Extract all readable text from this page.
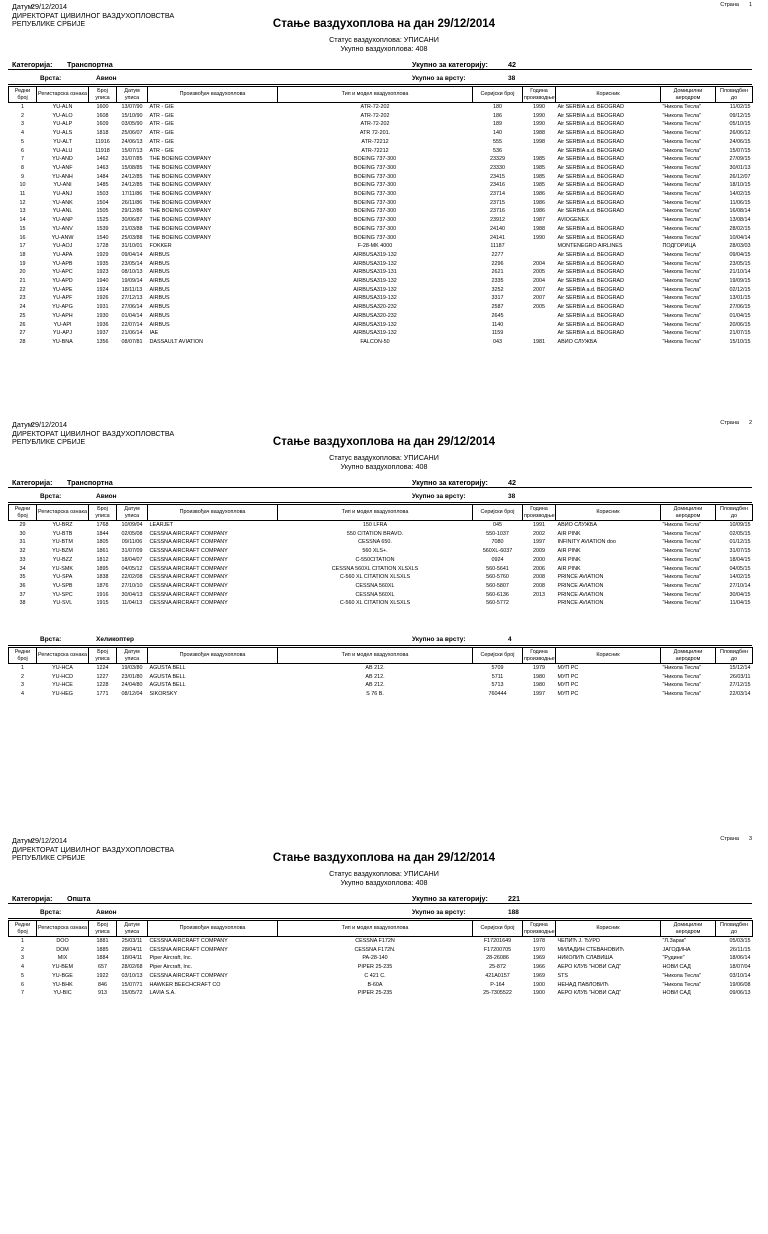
Датум: 29/12/2014
ДИРЕКТОРАТ ЦИВИЛНОГ ВАЗДУХОПЛОВСТВА
РЕПУБЛИКЕ СРБИЈЕ
Страна 1
Стање ваздухоплова на дан 29/12/2014
Статус ваздухоплова: УПИСАНИ
Укупно ваздухоплова: 408
Категорија: Транспортна	Укупно за категорију:	42
Врста:	Авион	Укупно за врсту:	38
Редни број	Регистарска ознака	Број уписа	Датум уписа	Произвођач ваздухоплова	Тип и модел ваздухоплова	Серијски број	Година производње	Корисник	Домицилни аеродром	Пловидбен до
1	YU-ALN	1600	13/07/90	ATR - GIE	ATR-72-202	180	1990	Air SERBIA a.d. BEOGRAD	"Никола Тесла"	11/02/15
2	YU-ALO	1608	15/10/90	ATR - GIE	ATR-72-202	186	1990	Air SERBIA a.d. BEOGRAD	"Никола Тесла"	09/12/15
3	YU-ALP	1609	03/05/90	ATR - GIE	ATR-72-202	189	1990	Air SERBIA a.d. BEOGRAD	"Никола Тесла"	05/10/15
4	YU-ALS	1818	25/06/07	ATR - GIE	ATR 72-201.	140	1988	Air SERBIA a.d. BEOGRAD	"Никола Тесла"	26/06/12
5	YU-ALT	11916	24/06/13	ATR - GIE	ATR-72212	555	1998	Air SERBIA a.d. BEOGRAD	"Никола Тесла"	24/06/15
6	YU-ALU	11918	15/07/13	ATR - GIE	ATR-72212	536		Air SERBIA a.d. BEOGRAD	"Никола Тесла"	15/07/15
7	YU-AND	1462	31/07/85	THE BOEING COMPANY	BOEING 737-300	23329	1985	Air SERBIA a.d. BEOGRAD	"Никола Тесла"	27/09/15
8	YU-ANF	1463	15/08/85	THE BOEING COMPANY	BOEING 737-300	23330	1985	Air SERBIA a.d. BEOGRAD	"Никола Тесла"	30/01/13
9	YU-ANH	1484	24/12/85	THE BOEING COMPANY	BOEING 737-300	23415	1985	Air SERBIA a.d. BEOGRAD	"Никола Тесла"	26/12/07
10	YU-ANI	1485	24/12/85	THE BOEING COMPANY	BOEING 737-300	23416	1985	Air SERBIA a.d. BEOGRAD	"Никола Тесла"	18/10/15
11	YU-ANJ	1503	17/11/86	THE BOEING COMPANY	BOEING 737-300	23714	1986	Air SERBIA a.d. BEOGRAD	"Никола Тесла"	14/02/15
12	YU-ANK	1504	26/11/86	THE BOEING COMPANY	BOEING 737-300	23715	1986	Air SERBIA a.d. BEOGRAD	"Никола Тесла"	11/06/15
13	YU-ANL	1505	29/12/86	THE BOEING COMPANY	BOEING 737-300	23716	1986	Air SERBIA a.d. BEOGRAD	"Никола Тесла"	16/08/14
14	YU-ANP	1525	30/06/87	THE BOEING COMPANY	BOEING 737-300	23912	1987	AVIOGENEX	"Никола Тесла"	13/08/14
15	YU-ANV	1539	21/03/88	THE BOEING COMPANY	BOEING 737-300	24140	1988	Air SERBIA a.d. BEOGRAD	"Никола Тесла"	28/02/15
16	YU-ANW	1540	25/03/88	THE BOEING COMPANY	BOEING 737-300	24141	1990	Air SERBIA a.d. BEOGRAD	"Никола Тесла"	10/04/14
17	YU-AOJ	1728	31/10/01	FOKKER	F-28-MK 4000	11187		MONTENEGRO AIRLINES	ПОДГОРИЦА	28/03/03
18	YU-APA	1929	09/04/14	AIRBUS	AIRBUSA319-132	2277		Air SERBIA a.d. BEOGRAD	"Никола Тесла"	09/04/15
19	YU-APB	1935	23/05/14	AIRBUS	AIRBUSA319-132	2296	2004	Air SERBIA a.d. BEOGRAD	"Никола Тесла"	23/05/15
20	YU-APC	1923	08/10/13	AIRBUS	AIRBUSA319-131	2621	2005	Air SERBIA a.d. BEOGRAD	"Никола Тесла"	21/10/14
21	YU-APD	1940	19/09/14	AIRBUS	AIRBUSA319-132	2335	2004	Air SERBIA a.d. BEOGRAD	"Никола Тесла"	19/09/15
22	YU-APE	1924	18/11/13	AIRBUS	AIRBUSA319-132	3252	2007	Air SERBIA a.d. BEOGRAD	"Никола Тесла"	02/12/15
23	YU-APF	1926	27/12/13	AIRBUS	AIRBUSA319-132	3317	2007	Air SERBIA a.d. BEOGRAD	"Никола Тесла"	13/01/15
24	YU-APG	1931	27/06/14	AIRBUS	AIRBUSA320-232	2587	2005	Air SERBIA a.d. BEOGRAD	"Никола Тесла"	27/06/15
25	YU-APH	1930	01/04/14	AIRBUS	AIRBUSA320-232	2645		Air SERBIA a.d. BEOGRAD	"Никола Тесла"	01/04/15
26	YU-API	1936	22/07/14	AIRBUS	AIRBUSA319-132	1140		Air SERBIA a.d. BEOGRAD	"Никола Тесла"	20/06/15
27	YU-APJ	1937	21/06/14	IAE	AIRBUSA319-132	1159		Air SERBIA a.d. BEOGRAD	"Никола Тесла"	21/07/15
28	YU-BNA	1356	08/07/81	DASSAULT AVIATION	FALCON-50	043	1981	АВИО СЛУЖБА	"Никола Тесла"	15/10/15
Датум: 29/12/2014
ДИРЕКТОРАТ ЦИВИЛНОГ ВАЗДУХОПЛОВСТВА
РЕПУБЛИКЕ СРБИЈЕ
Страна 2
Стање ваздухоплова на дан 29/12/2014
Статус ваздухоплова: УПИСАНИ
Укупно ваздухоплова: 408
Категорија: Транспортна	Укупно за категорију:	42
Врста:	Авион	Укупно за врсту:	38
Редни број	Регистарска ознака	Број уписа	Датум уписа	Произвођач ваздухоплова	Тип и модел ваздухоплова	Серијски број	Година производње	Корисник	Домицилни аеродром	Пловидбен до
29	YU-BRZ	1768	10/09/04	LEARJET	150 LFRA	045	1991	АВИО СЛУЖБА	"Никола Тесла"	10/09/15
30	YU-BTB	1844	02/05/08	CESSNA AIRCRAFT COMPANY	550 CITATION BRAVO.	550-1037	2002	AIR PINK	"Никола Тесла"	02/05/15
31	YU-BTM	1805	09/11/06	CESSNA AIRCRAFT COMPANY	CESSNA 650.	7080	1997	INFINITY AVIATION doo	"Никола Тесла"	01/12/15
32	YU-BZM	1861	31/07/09	CESSNA AIRCRAFT COMPANY	560 XLS+.	560XL-6037	2009	AIR PINK	"Никола Тесла"	31/07/15
33	YU-BZZ	1812	18/04/07	CESSNA AIRCRAFT COMPANY	C-550CITATION	0924	2000	AIR PINK	"Никола Тесла"	18/04/15
34	YU-SMK	1895	04/05/12	CESSNA AIRCRAFT COMPANY	CESSNA 560XL CITATION XLSXLS	560-5641	2006	AIR PINK	"Никола Тесла"	04/05/15
35	YU-SPA	1838	22/02/08	CESSNA AIRCRAFT COMPANY	C-560 XL CITATION XLSXLS	560-5760	2008	PRINCE AVIATION	"Никола Тесла"	14/02/15
36	YU-SPB	1876	27/10/10	CESSNA AIRCRAFT COMPANY	CESSNA 560XL	560-5807	2008	PRINCE AVIATION	"Никола Тесла"	27/10/14
37	YU-SPC	1916	30/04/13	CESSNA AIRCRAFT COMPANY	CESSNA 560XL	560-6136	2013	PRINCE AVIATION	"Никола Тесла"	30/04/15
38	YU-SVL	1915	11/04/13	CESSNA AIRCRAFT COMPANY	C-560 XL CITATION XLSXLS	560-5772		PRINCE AVIATION	"Никола Тесла"	11/04/15
Врста:	Хеликоптер	Укупно за врсту:	4
Редни број	Регистарска ознака	Број уписа	Датум уписа	Произвођач ваздухоплова	Тип и модел ваздухоплова	Серијски број	Година производње	Корисник	Домицилни аеродром	Пловидбен до
1	YU-HCA	1224	19/03/80	AGUSTA BELL	AB 212.	5709	1979	МУП РС	"Никола Тесла"	15/12/14
2	YU-HCD	1227	23/01/80	AGUSTA BELL	AB 212.	5711	1980	МУП РС	"Никола Тесла"	26/03/11
3	YU-HCE	1228	24/04/80	AGUSTA BELL	AB 212.	5713	1980	МУП РС	"Никола Тесла"	27/12/15
4	YU-HEG	1771	08/12/04	SIKORSKY	S 76 B.	760444	1997	МУП РС	"Никола Тесла"	22/03/14
Датум: 29/12/2014
ДИРЕКТОРАТ ЦИВИЛНОГ ВАЗДУХОПЛОВСТВА
РЕПУБЛИКЕ СРБИЈЕ
Страна 3
Стање ваздухоплова на дан 29/12/2014
Статус ваздухоплова: УПИСАНИ
Укупно ваздухоплова: 408
Категорија: Општа	Укупно за категорију:	221
Врста:	Авион	Укупно за врсту:	188
Редни број	Регистарска ознака	Број уписа	Датум уписа	Произвођач ваздухоплова	Тип и модел ваздухоплова	Серијски број	Година производње	Корисник	Домицилни аеродром	Пловидбен до
1	DOO	1881	25/03/11	CESSNA AIRCRAFT COMPANY	CESSNA F172N	F17201649	1978	ЧЕПИЋ J. ЂУРО	"Л.Зарак"	05/03/15
2	DOM	1885	28/04/11	CESSNA AIRCRAFT COMPANY	CESSNA F172N.	F17200705	1970	МИЛАДИН СТЕВАНОВИЋ	ЈАГОДИНА	26/11/15
3	MIX	1884	18/04/11	Piper Aircraft, Inc.	PA-28-140	28-26086	1969	НИКОЛИЋ СЛАВИША	"Рудине"	18/06/14
4	YU-BEM	657	28/02/68	Piper Aircraft, Inc.	PIPER 25-235	25-872	1966	АЕРО КЛУБ "НОВИ САД"	НОВИ САД	18/07/04
5	YU-BGE	1922	03/10/13	CESSNA AIRCRAFT COMPANY	C 421 C.	421A0157	1969	STS	"Никола Тесла"	03/10/14
6	YU-BHK	846	15/07/71	HAWKER BEECHCRAFT CO	B-60A	P-164	1900	НЕНАД ПАВЛОВИЋ	"Никола Тесла"	19/06/08
7	YU-BIC	913	15/05/72	LAVIA S.A.	PIPER 25-235	25-7305522	1900	АЕРО КЛУБ "НОВИ САД"	НОВИ САД	09/06/13
